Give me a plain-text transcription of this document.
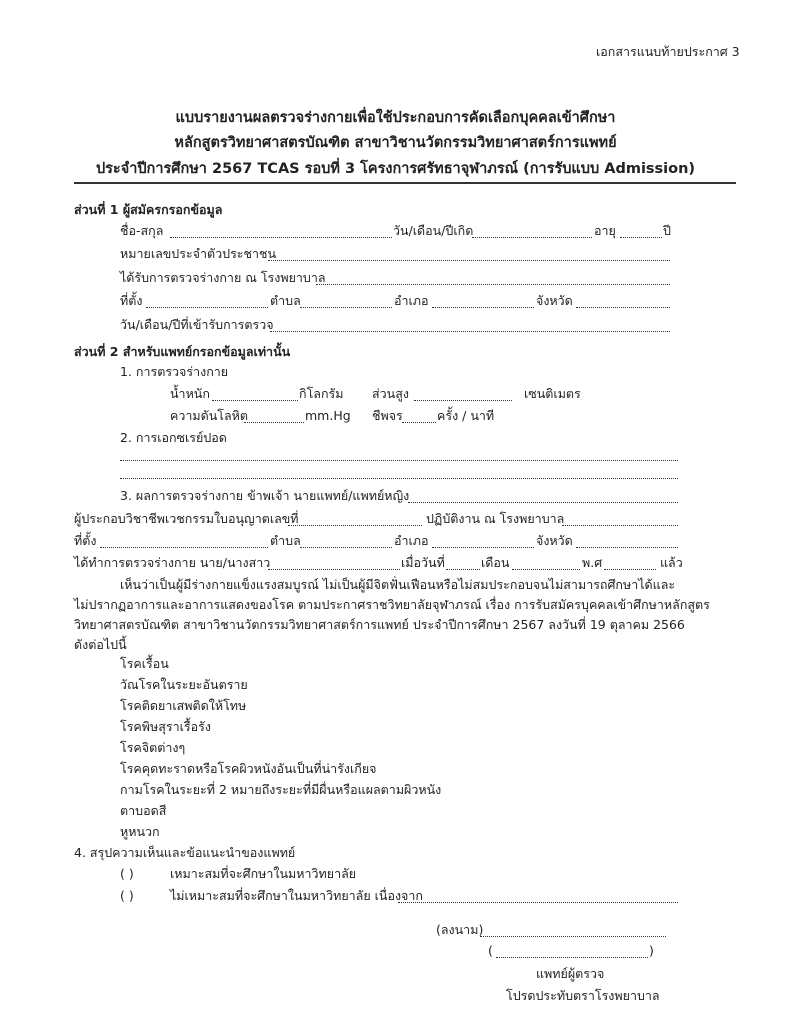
เอกสารแนบท้ายประกาศ 3
แบบรายงานผลตรวจร่างกายเพื่อใช้ประกอบการคัดเลือกบุคคลเข้าศึกษา
หลักสูตรวิทยาศาสตรบัณฑิต สาขาวิชานวัตกรรมวิทยาศาสตร์การแพทย์
ประจำปีการศึกษา 2567 TCAS รอบที่ 3 โครงการศรัทธาจุฬาภรณ์ (การรับแบบ Admission)
ส่วนที่ 1 ผู้สมัครกรอกข้อมูล
ชื่อ-สกุล	วัน/เดือน/ปีเกิด	อายุ	ปี
หมายเลขประจำตัวประชาชน
ได้รับการตรวจร่างกาย ณ โรงพยาบาล
ที่ตั้ง	ตำบล	อำเภอ	จังหวัด
วัน/เดือน/ปีที่เข้ารับการตรวจ
ส่วนที่ 2 สำหรับแพทย์กรอกข้อมูลเท่านั้น
1. การตรวจร่างกาย
น้ำหนัก	กิโลกรัม ส่วนสูง	เซนติเมตร
ความดันโลหิต	mm.Hg ชีพจร	ครั้ง / นาที
2. การเอกซเรย์ปอด
3. ผลการตรวจร่างกาย ข้าพเจ้า นายแพทย์/แพทย์หญิง
ผู้ประกอบวิชาชีพเวชกรรมใบอนุญาตเลขที่	ปฏิบัติงาน ณ โรงพยาบาล
ที่ตั้ง	ตำบล	อำเภอ	จังหวัด
ได้ทำการตรวจร่างกาย นาย/นางสาว	เมื่อวันที่	เดือน	พ.ศ	แล้ว
เห็นว่าเป็นผู้มีร่างกายแข็งแรงสมบูรณ์ ไม่เป็นผู้มีจิตฟั่นเฟือนหรือไม่สมประกอบจนไม่สามารถศึกษาได้และ
ไม่ปรากฏอาการและอาการแสดงของโรค ตามประกาศราชวิทยาลัยจุฬาภรณ์ เรื่อง การรับสมัครบุคคลเข้าศึกษาหลักสูตร
วิทยาศาสตรบัณฑิต สาขาวิชานวัตกรรมวิทยาศาสตร์การแพทย์ ประจำปีการศึกษา 2567 ลงวันที่ 19 ตุลาคม 2566
ดังต่อไปนี้
โรคเรื้อน
วัณโรคในระยะอันตราย
โรคติดยาเสพติดให้โทษ
โรคพิษสุราเรื้อรัง
โรคจิตต่างๆ
โรคคุดทะราดหรือโรคผิวหนังอันเป็นที่น่ารังเกียจ
กามโรคในระยะที่ 2 หมายถึงระยะที่มีผื่นหรือแผลตามผิวหนัง
ตาบอดสี
หูหนวก
4. สรุปความเห็นและข้อแนะนำของแพทย์
( )	เหมาะสมที่จะศึกษาในมหาวิทยาลัย
( )	ไม่เหมาะสมที่จะศึกษาในมหาวิทยาลัย เนื่องจาก
(ลงนาม)
(	)
แพทย์ผู้ตรวจ
โปรดประทับตราโรงพยาบาล
